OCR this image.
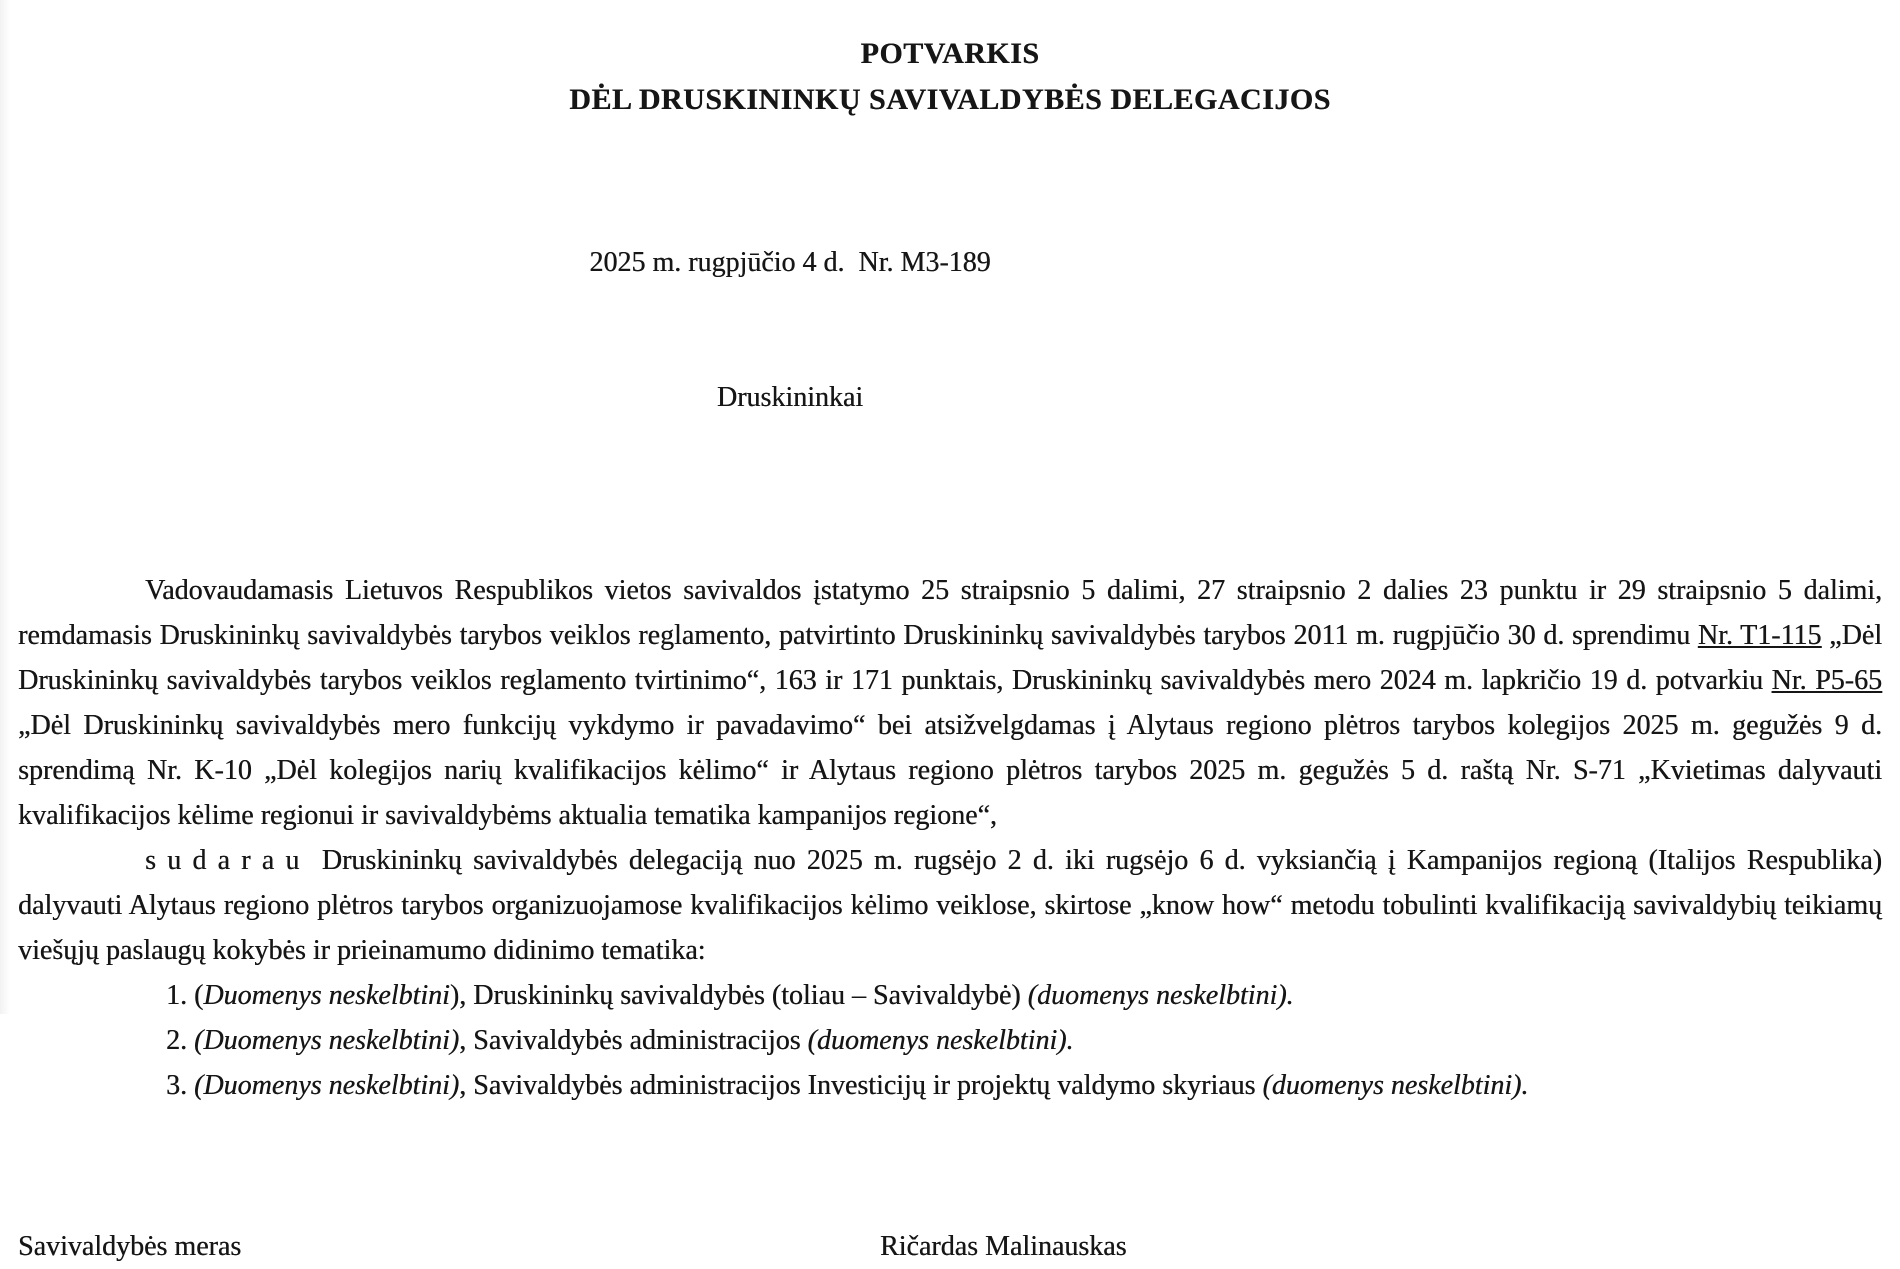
POTVARKIS
DĖL DRUSKININKŲ SAVIVALDYBĖS DELEGACIJOS

2025 m. rugpjūčio 4 d.  Nr. M3-189

Druskininkai

Vadovaudamasis Lietuvos Respublikos vietos savivaldos įstatymo 25 straipsnio 5 dalimi, 27 straipsnio 2 dalies 23 punktu ir 29 straipsnio 5 dalimi, remdamasis Druskininkų savivaldybės tarybos veiklos reglamento, patvirtinto Druskininkų savivaldybės tarybos 2011 m. rugpjūčio 30 d. sprendimu Nr. T1-115 „Dėl Druskininkų savivaldybės tarybos veiklos reglamento tvirtinimo“, 163 ir 171 punktais, Druskininkų savivaldybės mero 2024 m. lapkričio 19 d. potvarkiu Nr. P5-65 „Dėl Druskininkų savivaldybės mero funkcijų vykdymo ir pavadavimo“ bei atsižvelgdamas į Alytaus regiono plėtros tarybos kolegijos 2025 m. gegužės 9 d. sprendimą Nr. K-10 „Dėl kolegijos narių kvalifikacijos kėlimo“ ir Alytaus regiono plėtros tarybos 2025 m. gegužės 5 d. raštą Nr. S-71 „Kvietimas dalyvauti kvalifikacijos kėlime regionui ir savivaldybėms aktualia tematika kampanijos regione“,

s u d a r a u  Druskininkų savivaldybės delegaciją nuo 2025 m. rugsėjo 2 d. iki rugsėjo 6 d. vyksiančią į Kampanijos regioną (Italijos Respublika) dalyvauti Alytaus regiono plėtros tarybos organizuojamose kvalifikacijos kėlimo veiklose, skirtose „know how“ metodu tobulinti kvalifikaciją savivaldybių teikiamų viešųjų paslaugų kokybės ir prieinamumo didinimo tematika:

1. (Duomenys neskelbtini), Druskininkų savivaldybės (toliau – Savivaldybė) (duomenys neskelbtini).

2. (Duomenys neskelbtini), Savivaldybės administracijos (duomenys neskelbtini).

3. (Duomenys neskelbtini), Savivaldybės administracijos Investicijų ir projektų valdymo skyriaus (duomenys neskelbtini).

Savivaldybės meras	Ričardas Malinauskas
